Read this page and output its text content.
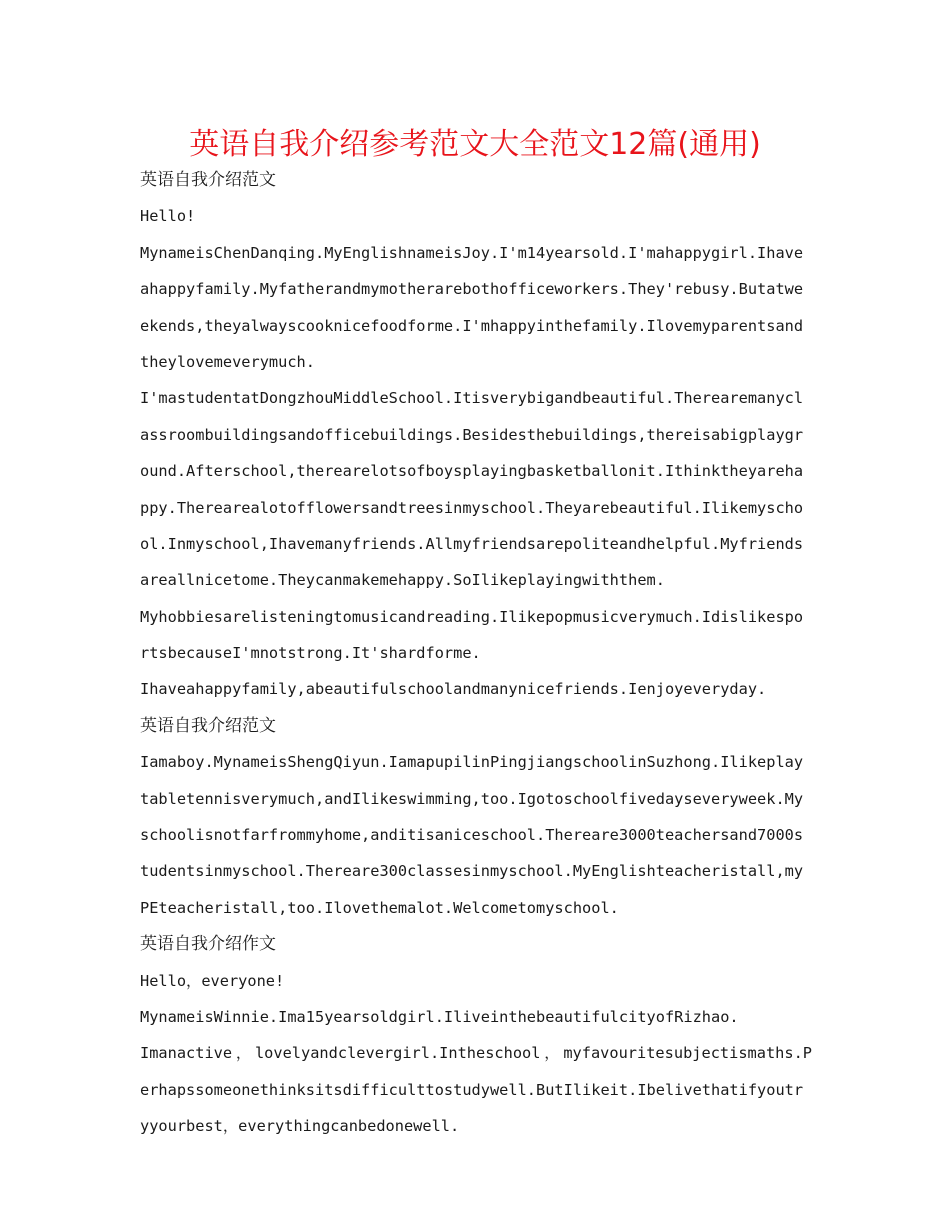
英语自我介绍参考范文大全范文12篇(通用)
英语自我介绍范文
Hello!
MynameisChenDanqing.MyEnglishnameisJoy.I'm14yearsold.I'mahappygirl.Ihave
ahappyfamily.Myfatherandmymotherarebothofficeworkers.They'rebusy.Butatwe
ekends,theyalwayscooknicefoodforme.I'mhappyinthefamily.Ilovemyparentsand
theylovemeverymuch.
I'mastudentatDongzhouMiddleSchool.Itisverybigandbeautiful.Therearemanycl
assroombuildingsandofficebuildings.Besidesthebuildings,thereisabigplaygr
ound.Afterschool,therearelotsofboysplayingbasketballonit.Ithinktheyareha
ppy.Therearealotofflowersandtreesinmyschool.Theyarebeautiful.Ilikemyscho
ol.Inmyschool,Ihavemanyfriends.Allmyfriendsarepoliteandhelpful.Myfriends
areallnicetome.Theycanmakemehappy.SoIlikeplayingwiththem.
Myhobbiesarelisteningtomusicandreading.Ilikepopmusicverymuch.Idislikespo
rtsbecauseI'mnotstrong.It'shardforme.
Ihaveahappyfamily,abeautifulschoolandmanynicefriends.Ienjoyeveryday.
英语自我介绍范文
Iamaboy.MynameisShengQiyun.IamapupilinPingjiangschoolinSuzhong.Ilikeplay
tabletennisverymuch,andIlikeswimming,too.Igotoschoolfivedayseveryweek.My
schoolisnotfarfrommyhome,anditisaniceschool.Thereare3000teachersand7000s
tudentsinmyschool.Thereare300classesinmyschool.MyEnglishteacheristall,my
PEteacheristall,too.Ilovethemalot.Welcometomyschool.
英语自我介绍作文
Hello，everyone!
MynameisWinnie.Ima15yearsoldgirl.IliveinthebeautifulcityofRizhao.
Imanactive，lovelyandclevergirl.Intheschool，myfavouritesubjectismaths.P
erhapssomeonethinksitsdifficulttostudywell.ButIlikeit.Ibelivethatifyoutr
yyourbest，everythingcanbedonewell.
